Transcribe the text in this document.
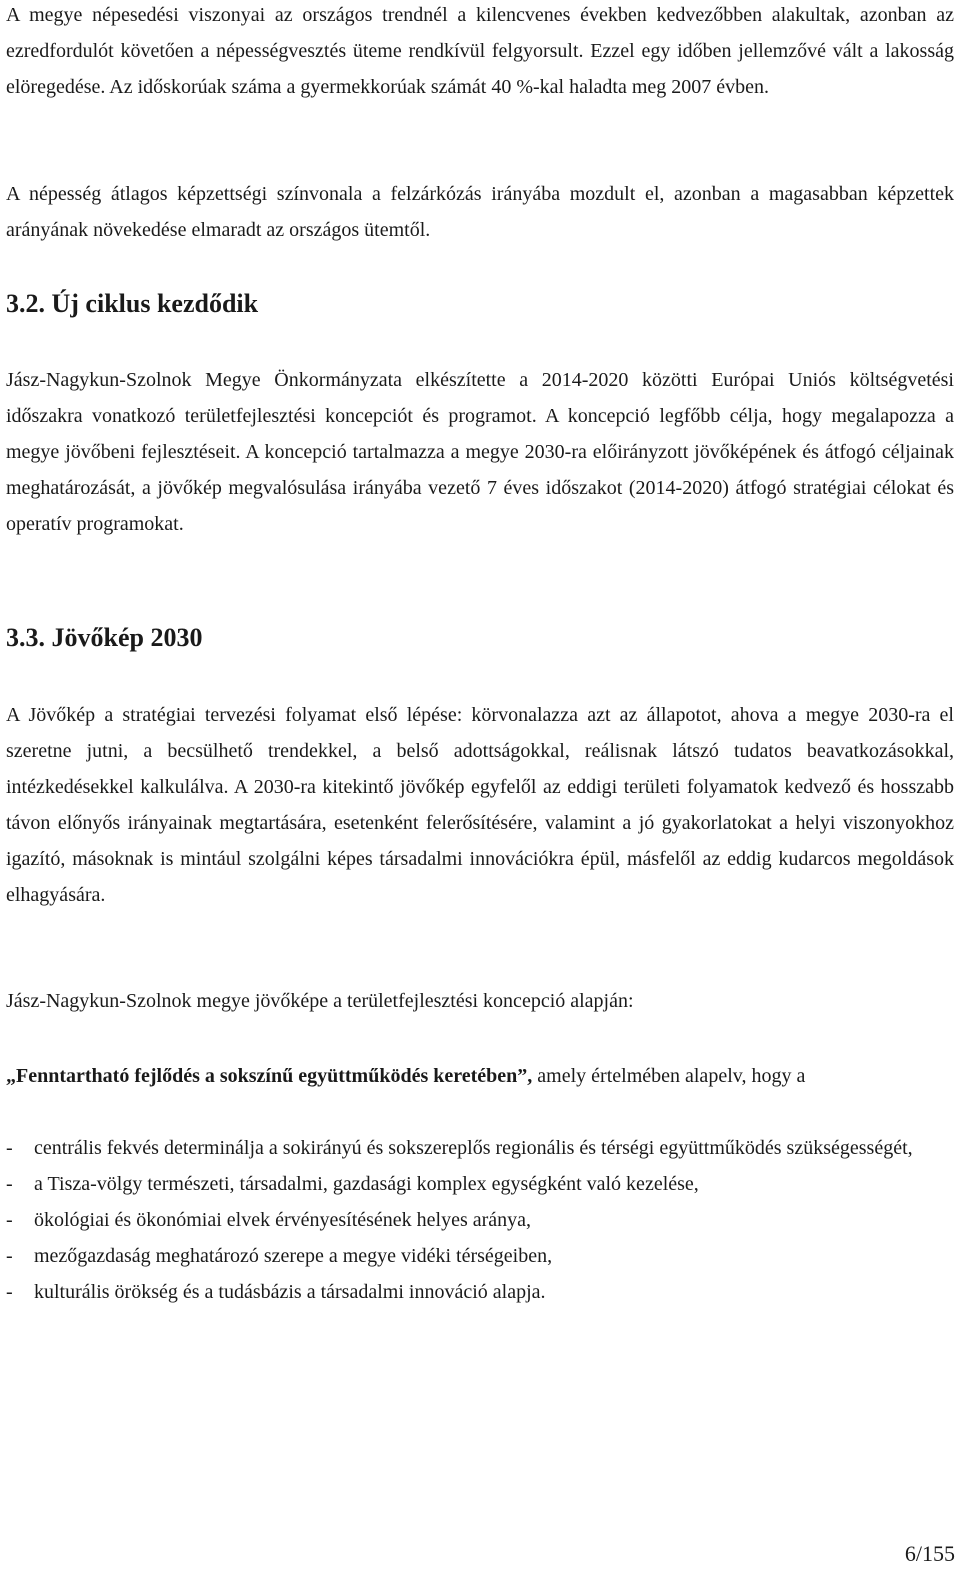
A megye népesedési viszonyai az országos trendnél a kilencvenes években kedvezőbben alakultak, azonban az ezredfordulót követően a népességvesztés üteme rendkívül felgyorsult. Ezzel egy időben jellemzővé vált a lakosság elöregedése. Az időskorúak száma a gyermekkorúak számát 40 %-kal haladta meg 2007 évben.

A népesség átlagos képzettségi színvonala a felzárkózás irányába mozdult el, azonban a magasabban képzettek arányának növekedése elmaradt az országos ütemtől.

3.2. Új ciklus kezdődik

Jász-Nagykun-Szolnok Megye Önkormányzata elkészítette a 2014-2020 közötti Európai Uniós költségvetési időszakra vonatkozó területfejlesztési koncepciót és programot. A koncepció legfőbb célja, hogy megalapozza a megye jövőbeni fejlesztéseit. A koncepció tartalmazza a megye 2030-ra előirányzott jövőképének és átfogó céljainak meghatározását, a jövőkép megvalósulása irányába vezető 7 éves időszakot (2014-2020) átfogó stratégiai célokat és operatív programokat.

3.3. Jövőkép 2030

A Jövőkép a stratégiai tervezési folyamat első lépése: körvonalazza azt az állapotot, ahova a megye 2030-ra el szeretne jutni, a becsülhető trendekkel, a belső adottságokkal, reálisnak látszó tudatos beavatkozásokkal, intézkedésekkel kalkulálva. A 2030-ra kitekintő jövőkép egyfelől az eddigi területi folyamatok kedvező és hosszabb távon előnyős irányainak megtartására, esetenként felerősítésére, valamint a jó gyakorlatokat a helyi viszonyokhoz igazító, másoknak is mintául szolgálni képes társadalmi innovációkra épül, másfelől az eddig kudarcos megoldások elhagyására.

Jász-Nagykun-Szolnok megye jövőképe a területfejlesztési koncepció alapján:

„Fenntartható fejlődés a sokszínű együttműködés keretében”, amely értelmében alapelv, hogy a

- centrális fekvés determinálja a sokirányú és sokszereplős regionális és térségi együttműködés szükségességét,
- a Tisza-völgy természeti, társadalmi, gazdasági komplex egységként való kezelése,
- ökológiai és ökonómiai elvek érvényesítésének helyes aránya,
- mezőgazdaság meghatározó szerepe a megye vidéki térségeiben,
- kulturális örökség és a tudásbázis a társadalmi innováció alapja.
6/155
